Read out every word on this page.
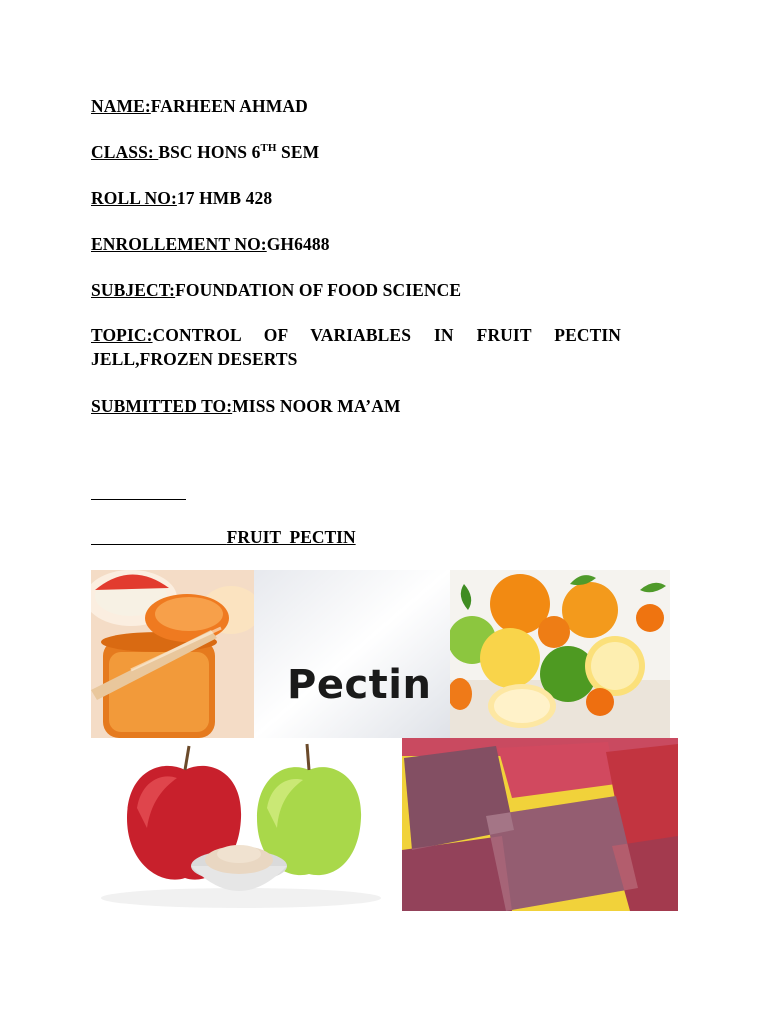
NAME:FARHEEN AHMAD
CLASS: BSC HONS 6TH SEM
ROLL NO:17 HMB 428
ENROLLEMENT NO:GH6488
SUBJECT:FOUNDATION OF FOOD SCIENCE
TOPIC:CONTROL OF VARIABLES IN FRUIT PECTIN JELL,FROZEN DESERTS
SUBMITTED TO:MISS NOOR MA’AM
FRUIT  PECTIN
Pectin
